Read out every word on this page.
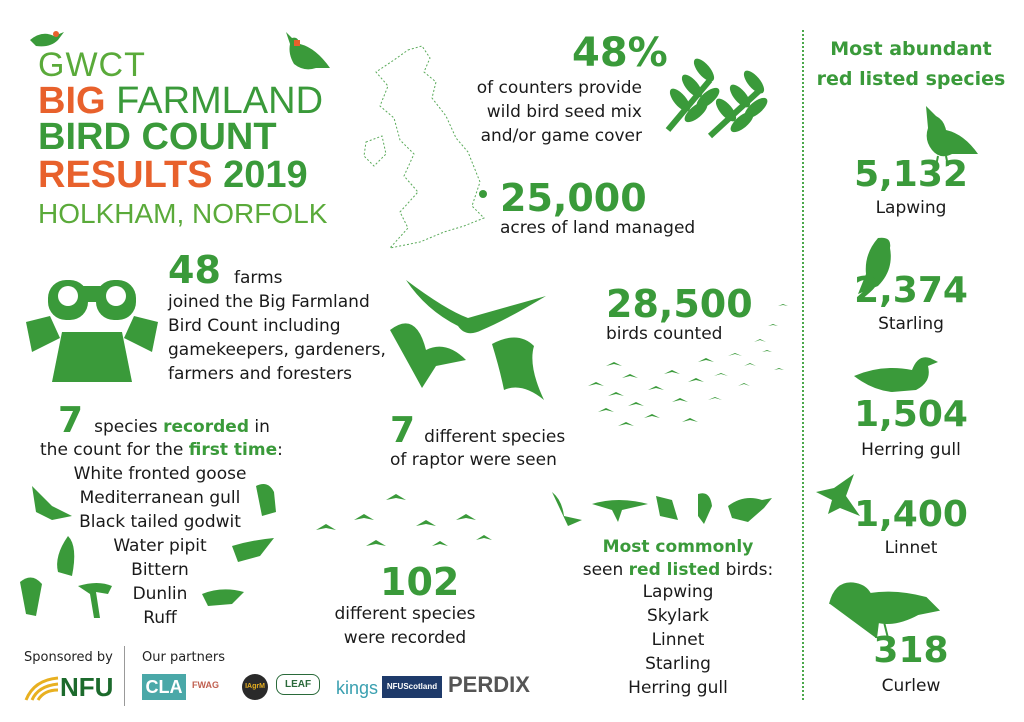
GWCT
BIG FARMLAND
BIRD COUNT
RESULTS 2019
HOLKHAM, NORFOLK
48%
of counters provide
wild bird seed mix
and/or game cover
25,000
acres of land managed
48 farms
joined the Big Farmland
Bird Count including
gamekeepers, gardeners,
farmers and foresters
7 different species
of raptor were seen
28,500
birds counted
7 species recorded in
the count for the first time:
White fronted goose
Mediterranean gull
Black tailed godwit
Water pipit
Bittern
Dunlin
Ruff
102
different species
were recorded
Most commonly
seen red listed birds:
Lapwing
Skylark
Linnet
Starling
Herring gull
Most abundant
red listed species
5,132
Lapwing
2,374
Starling
1,504
Herring gull
1,400
Linnet
318
Curlew
Sponsored by Our partners
NFU CLA	FWAG	IAgrM	LEAF	kings	NFUScotland PERDIX
